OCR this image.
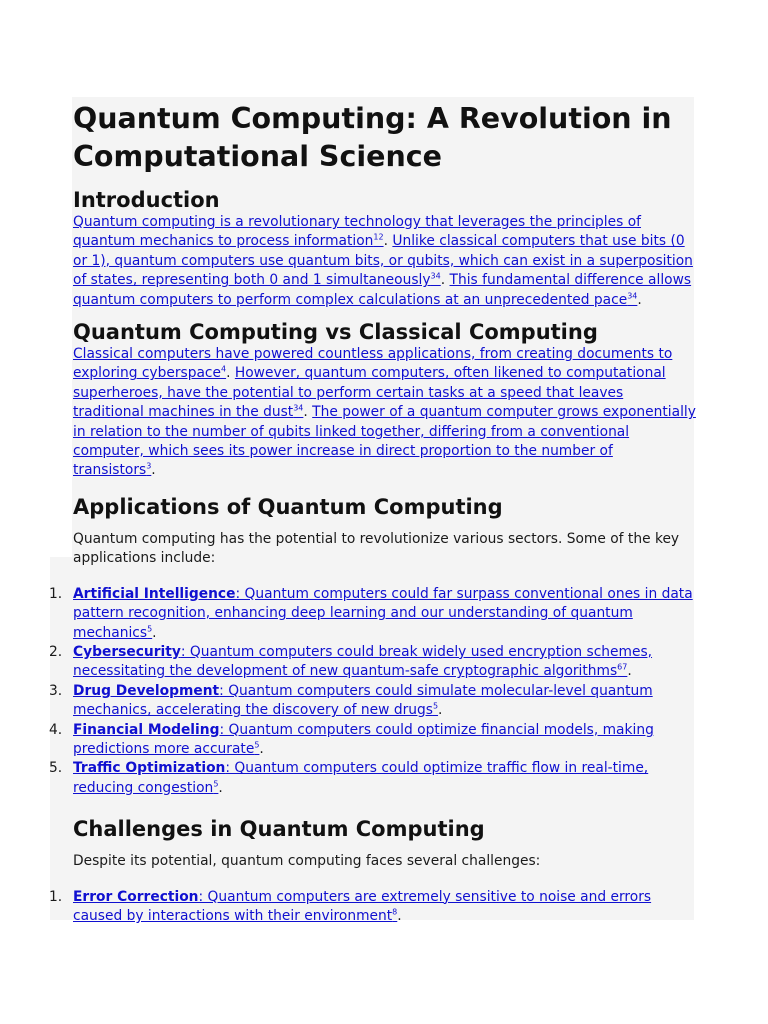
Quantum Computing: A Revolution in Computational Science
Introduction

Quantum computing is a revolutionary technology that leverages the principles of quantum mechanics to process information$^{12}$. Unlike classical computers that use bits (0 or 1), quantum computers use quantum bits, or qubits, which can exist in a superposition of states, representing both 0 and 1 simultaneously$^{34}$. This fundamental difference allows quantum computers to perform complex calculations at an unprecedented pace$^{34}$.

Quantum Computing vs Classical Computing

Classical computers have powered countless applications, from creating documents to exploring cyberspace$^4$. However, quantum computers, often likened to computational superheroes, have the potential to perform certain tasks at a speed that leaves traditional machines in the dust$^{34}$. The power of a quantum computer grows exponentially in relation to the number of qubits linked together, differing from a conventional computer, which sees its power increase in direct proportion to the number of transistors$^3$.

Applications of Quantum Computing

Quantum computing has the potential to revolutionize various sectors. Some of the key applications include:

1. Artificial Intelligence: Quantum computers could far surpass conventional ones in data pattern recognition, enhancing deep learning and our understanding of quantum mechanics$^5$.
2. Cybersecurity: Quantum computers could break widely used encryption schemes, necessitating the development of new quantum-safe cryptographic algorithms$^{67}$.
3. Drug Development: Quantum computers could simulate molecular-level quantum mechanics, accelerating the discovery of new drugs$^5$.
4. Financial Modeling: Quantum computers could optimize financial models, making predictions more accurate$^5$.
5. Traffic Optimization: Quantum computers could optimize traffic flow in real-time, reducing congestion$^5$.
Challenges in Quantum Computing

Despite its potential, quantum computing faces several challenges:

1. Error Correction: Quantum computers are extremely sensitive to noise and errors caused by interactions with their environment$^8$.
